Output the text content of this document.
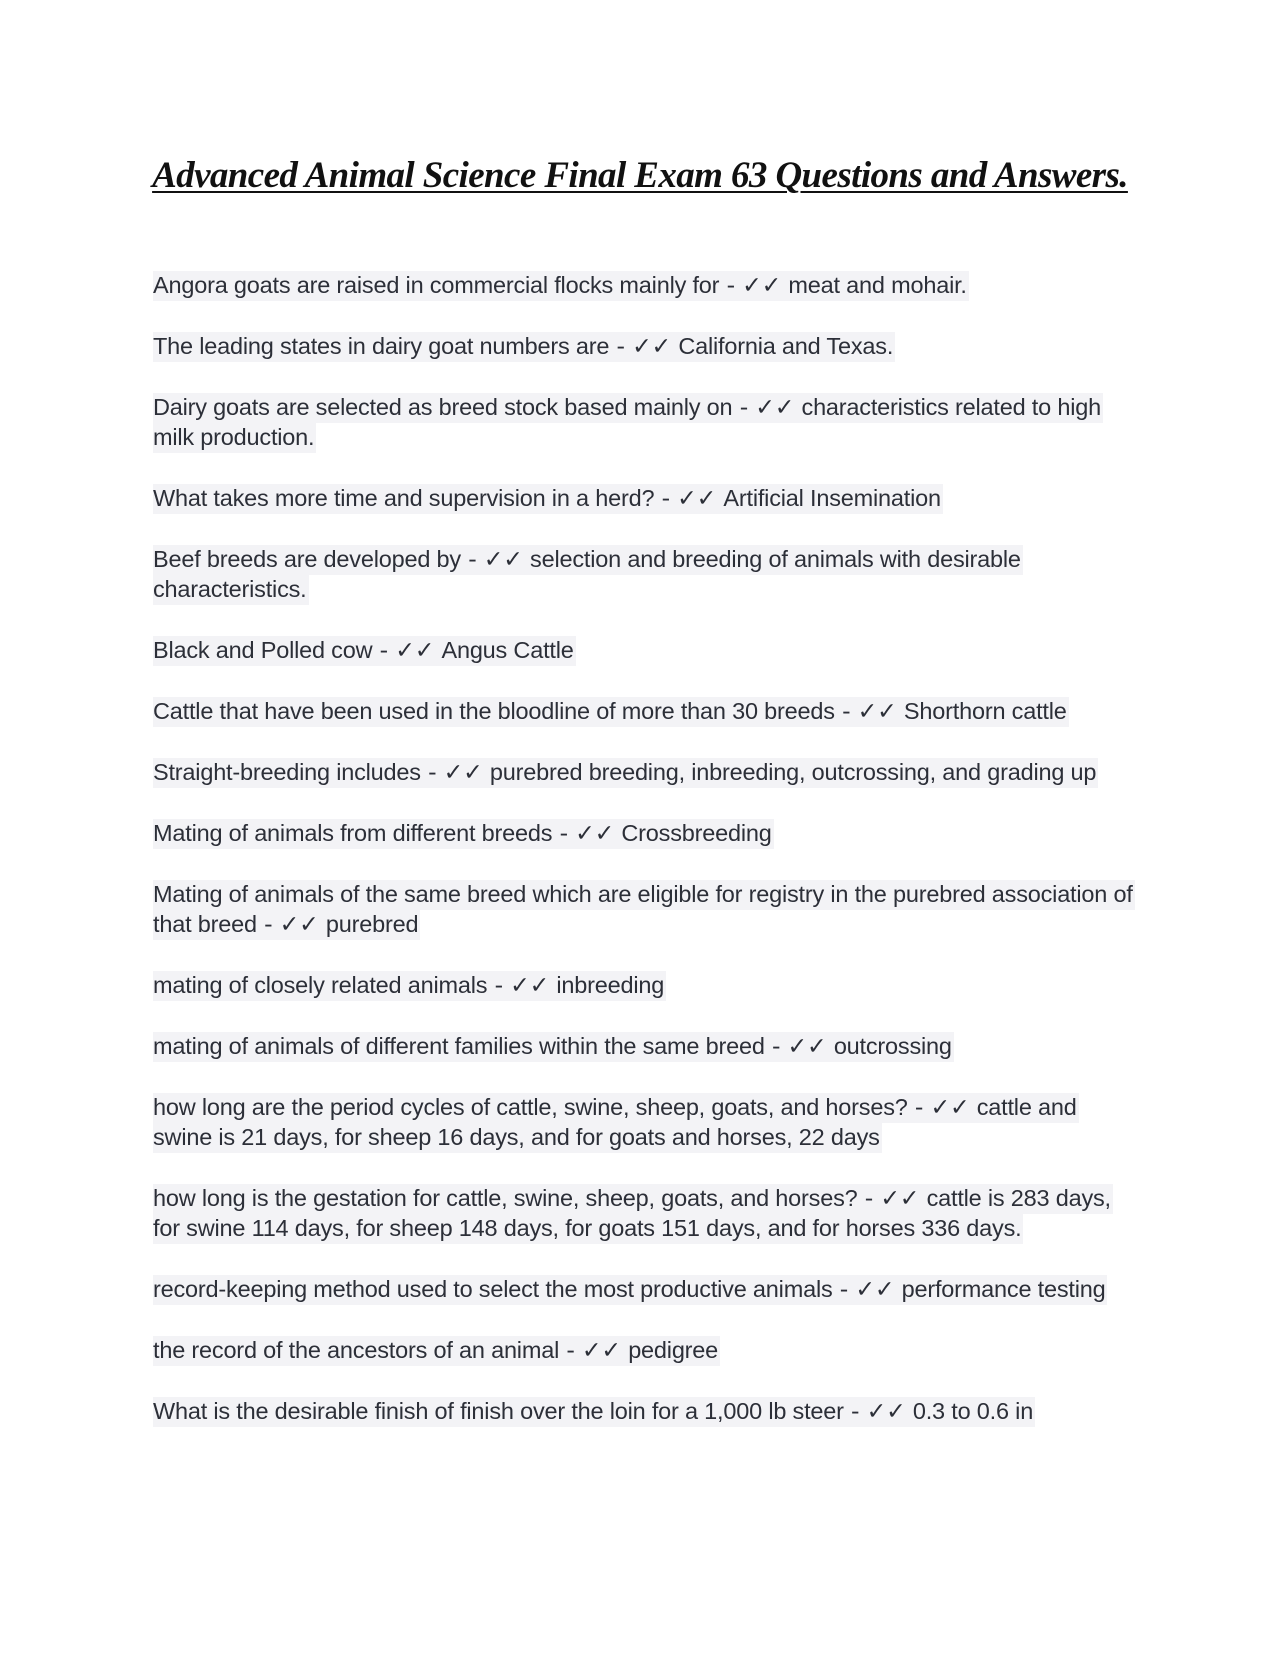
Advanced Animal Science Final Exam 63 Questions and Answers.

Angora goats are raised in commercial flocks mainly for - ✓✓ meat and mohair.

The leading states in dairy goat numbers are - ✓✓ California and Texas.

Dairy goats are selected as breed stock based mainly on - ✓✓ characteristics related to high milk production.

What takes more time and supervision in a herd? - ✓✓ Artificial Insemination

Beef breeds are developed by - ✓✓ selection and breeding of animals with desirable characteristics.

Black and Polled cow - ✓✓ Angus Cattle

Cattle that have been used in the bloodline of more than 30 breeds - ✓✓ Shorthorn cattle

Straight-breeding includes - ✓✓ purebred breeding, inbreeding, outcrossing, and grading up

Mating of animals from different breeds - ✓✓ Crossbreeding

Mating of animals of the same breed which are eligible for registry in the purebred association of that breed - ✓✓ purebred

mating of closely related animals - ✓✓ inbreeding

mating of animals of different families within the same breed - ✓✓ outcrossing

how long are the period cycles of cattle, swine, sheep, goats, and horses? - ✓✓ cattle and swine is 21 days, for sheep 16 days, and for goats and horses, 22 days

how long is the gestation for cattle, swine, sheep, goats, and horses? - ✓✓ cattle is 283 days, for swine 114 days, for sheep 148 days, for goats 151 days, and for horses 336 days.

record-keeping method used to select the most productive animals - ✓✓ performance testing

the record of the ancestors of an animal - ✓✓ pedigree

What is the desirable finish of finish over the loin for a 1,000 lb steer - ✓✓ 0.3 to 0.6 in
